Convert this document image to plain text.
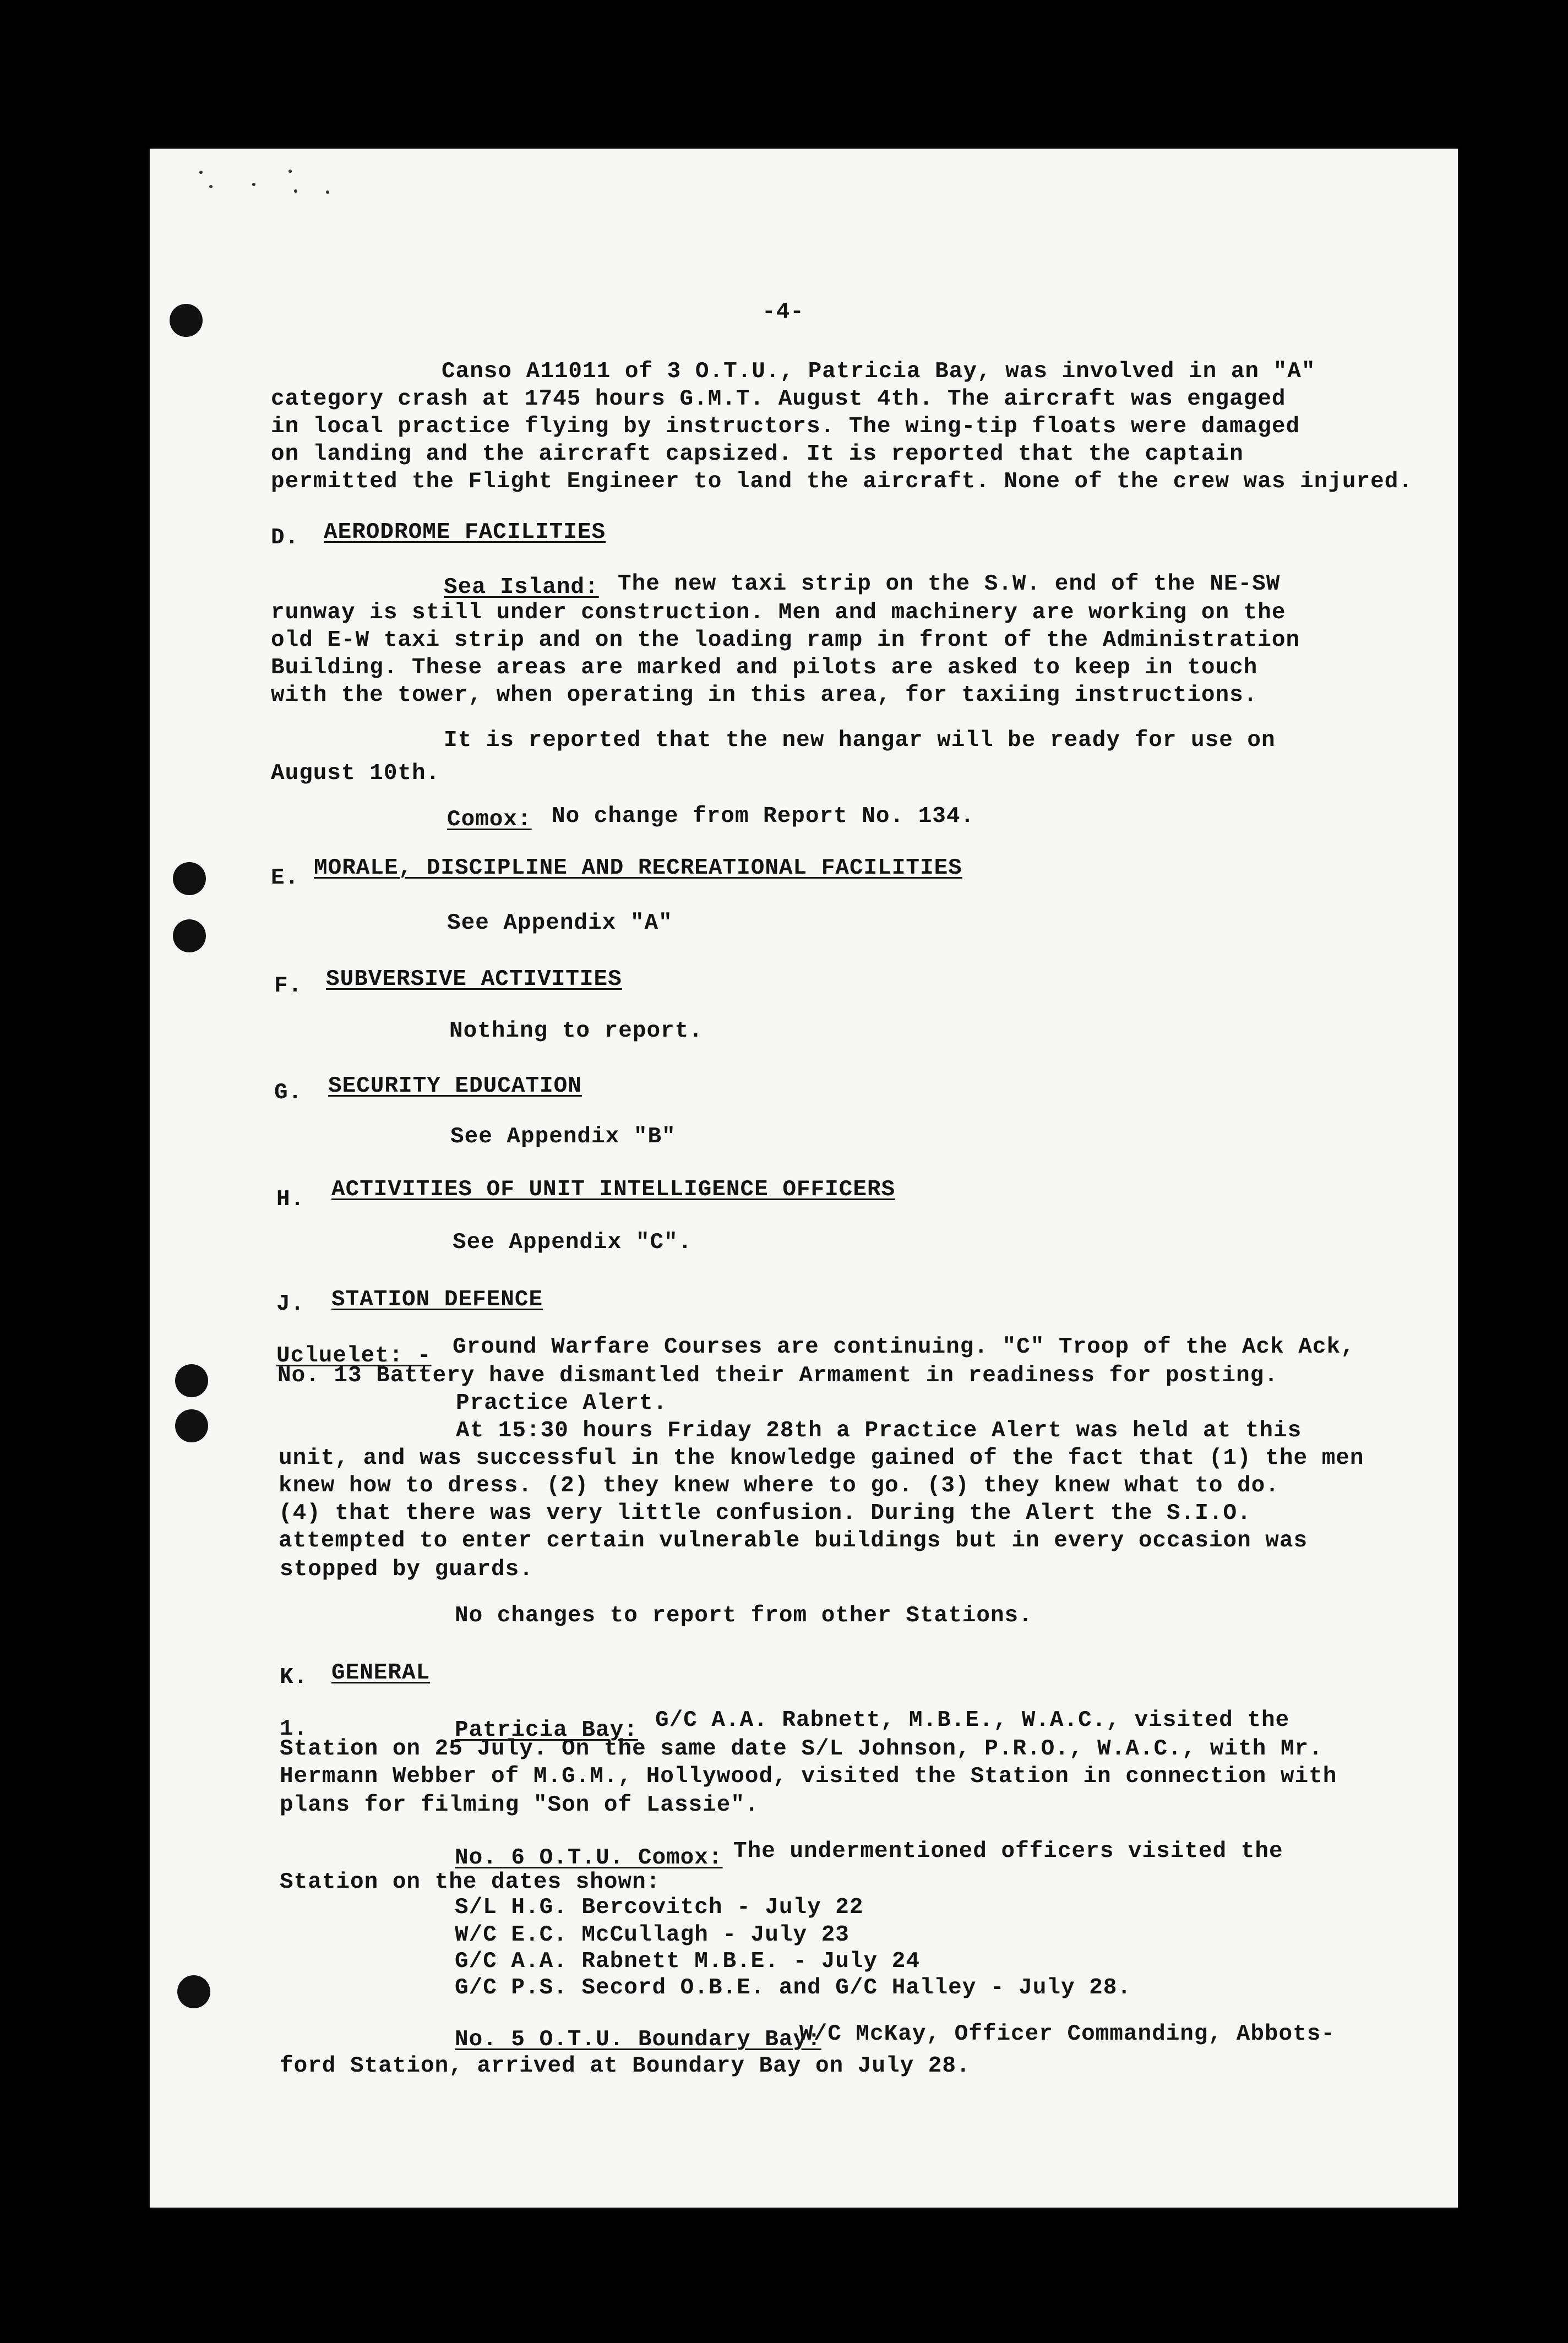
-4-
Canso A11011 of 3 O.T.U., Patricia Bay, was involved in an "A"
category crash at 1745 hours G.M.T. August 4th. The aircraft was engaged
in local practice flying by instructors. The wing-tip floats were damaged
on landing and the aircraft capsized. It is reported that the captain
permitted the Flight Engineer to land the aircraft. None of the crew was injured.
D. AERODROME FACILITIES
Sea Island: The new taxi strip on the S.W. end of the NE-SW
runway is still under construction. Men and machinery are working on the
old E-W taxi strip and on the loading ramp in front of the Administration
Building. These areas are marked and pilots are asked to keep in touch
with the tower, when operating in this area, for taxiing instructions.
It is reported that the new hangar will be ready for use on
August 10th.
Comox: No change from Report No. 134.
E. MORALE, DISCIPLINE AND RECREATIONAL FACILITIES
See Appendix "A"
F. SUBVERSIVE ACTIVITIES
Nothing to report.
G. SECURITY EDUCATION
See Appendix "B"
H. ACTIVITIES OF UNIT INTELLIGENCE OFFICERS
See Appendix "C".
J. STATION DEFENCE
Ucluelet: - Ground Warfare Courses are continuing. "C" Troop of the Ack Ack,
No. 13 Battery have dismantled their Armament in readiness for posting.
Practice Alert.
At 15:30 hours Friday 28th a Practice Alert was held at this
unit, and was successful in the knowledge gained of the fact that (1) the men
knew how to dress. (2) they knew where to go. (3) they knew what to do.
(4) that there was very little confusion. During the Alert the S.I.O.
attempted to enter certain vulnerable buildings but in every occasion was
stopped by guards.
No changes to report from other Stations.
K. GENERAL
1.	Patricia Bay: G/C A.A. Rabnett, M.B.E., W.A.C., visited the
Station on 25 July. On the same date S/L Johnson, P.R.O., W.A.C., with Mr.
Hermann Webber of M.G.M., Hollywood, visited the Station in connection with
plans for filming "Son of Lassie".
No. 6 O.T.U. Comox: The undermentioned officers visited the
Station on the dates shown:
S/L H.G. Bercovitch - July 22
W/C E.C. McCullagh - July 23
G/C A.A. Rabnett M.B.E. - July 24
G/C P.S. Secord O.B.E. and G/C Halley - July 28.
No. 5 O.T.U. Boundary Bay:
W/C McKay, Officer Commanding, Abbots-
ford Station, arrived at Boundary Bay on July 28.
